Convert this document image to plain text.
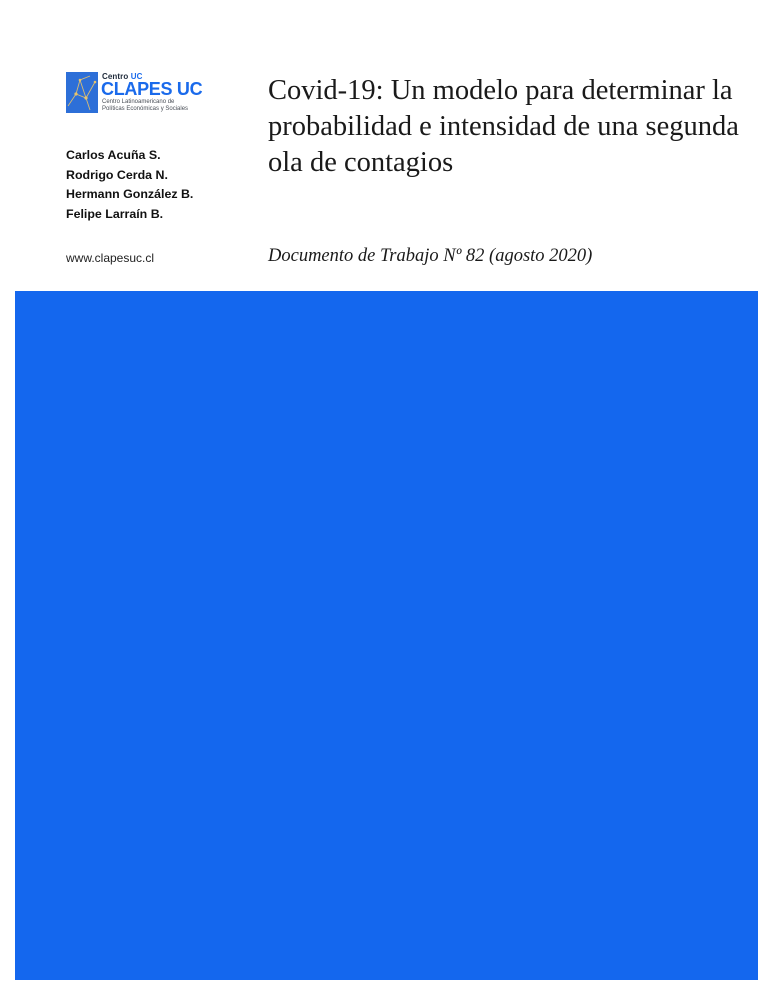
Centro UC
CLAPES UC
Centro Latinoamericano de
Políticas Económicas y Sociales
Carlos Acuña S.
Rodrigo Cerda N.
Hermann González B.
Felipe Larraín B.
www.clapesuc.cl
Covid-19: Un modelo para determinar la probabilidad e intensidad de una segunda ola de contagios
Documento de Trabajo Nº 82 (agosto 2020)
